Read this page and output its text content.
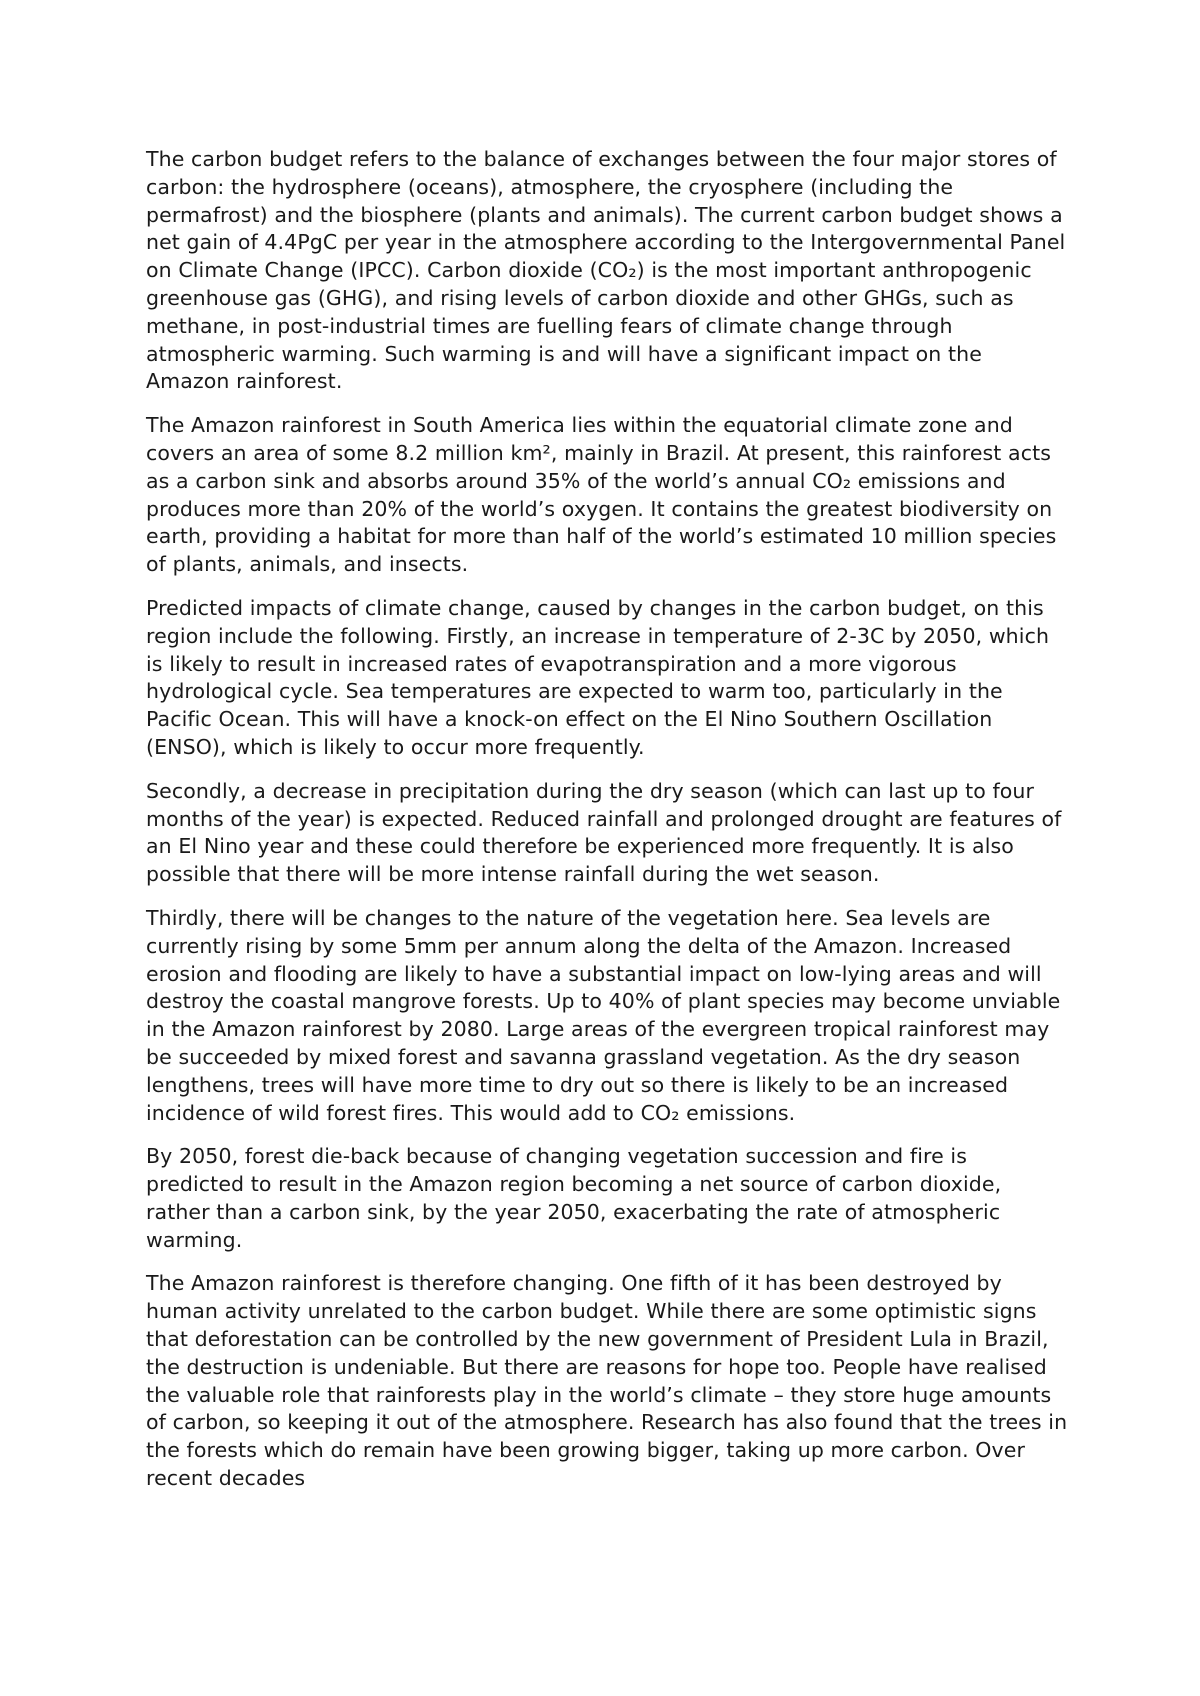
The carbon budget refers to the balance of exchanges between the four major stores of carbon: the hydrosphere (oceans), atmosphere, the cryosphere (including the permafrost) and the biosphere (plants and animals). The current carbon budget shows a net gain of 4.4PgC per year in the atmosphere according to the Intergovernmental Panel on Climate Change (IPCC). Carbon dioxide (CO₂) is the most important anthropogenic greenhouse gas (GHG), and rising levels of carbon dioxide and other GHGs, such as methane, in post-industrial times are fuelling fears of climate change through atmospheric warming. Such warming is and will have a significant impact on the Amazon rainforest.

The Amazon rainforest in South America lies within the equatorial climate zone and covers an area of some 8.2 million km², mainly in Brazil. At present, this rainforest acts as a carbon sink and absorbs around 35% of the world’s annual CO₂ emissions and produces more than 20% of the world’s oxygen. It contains the greatest biodiversity on earth, providing a habitat for more than half of the world’s estimated 10 million species of plants, animals, and insects.

Predicted impacts of climate change, caused by changes in the carbon budget, on this region include the following. Firstly, an increase in temperature of 2-3C by 2050, which is likely to result in increased rates of evapotranspiration and a more vigorous hydrological cycle. Sea temperatures are expected to warm too, particularly in the Pacific Ocean. This will have a knock-on effect on the El Nino Southern Oscillation (ENSO), which is likely to occur more frequently.

Secondly, a decrease in precipitation during the dry season (which can last up to four months of the year) is expected. Reduced rainfall and prolonged drought are features of an El Nino year and these could therefore be experienced more frequently. It is also possible that there will be more intense rainfall during the wet season.

Thirdly, there will be changes to the nature of the vegetation here. Sea levels are currently rising by some 5mm per annum along the delta of the Amazon. Increased erosion and flooding are likely to have a substantial impact on low-lying areas and will destroy the coastal mangrove forests. Up to 40% of plant species may become unviable in the Amazon rainforest by 2080. Large areas of the evergreen tropical rainforest may be succeeded by mixed forest and savanna grassland vegetation. As the dry season lengthens, trees will have more time to dry out so there is likely to be an increased incidence of wild forest fires. This would add to CO₂ emissions.

By 2050, forest die-back because of changing vegetation succession and fire is predicted to result in the Amazon region becoming a net source of carbon dioxide, rather than a carbon sink, by the year 2050, exacerbating the rate of atmospheric warming.

The Amazon rainforest is therefore changing. One fifth of it has been destroyed by human activity unrelated to the carbon budget. While there are some optimistic signs that deforestation can be controlled by the new government of President Lula in Brazil, the destruction is undeniable. But there are reasons for hope too. People have realised the valuable role that rainforests play in the world’s climate – they store huge amounts of carbon, so keeping it out of the atmosphere. Research has also found that the trees in the forests which do remain have been growing bigger, taking up more carbon. Over recent decades
